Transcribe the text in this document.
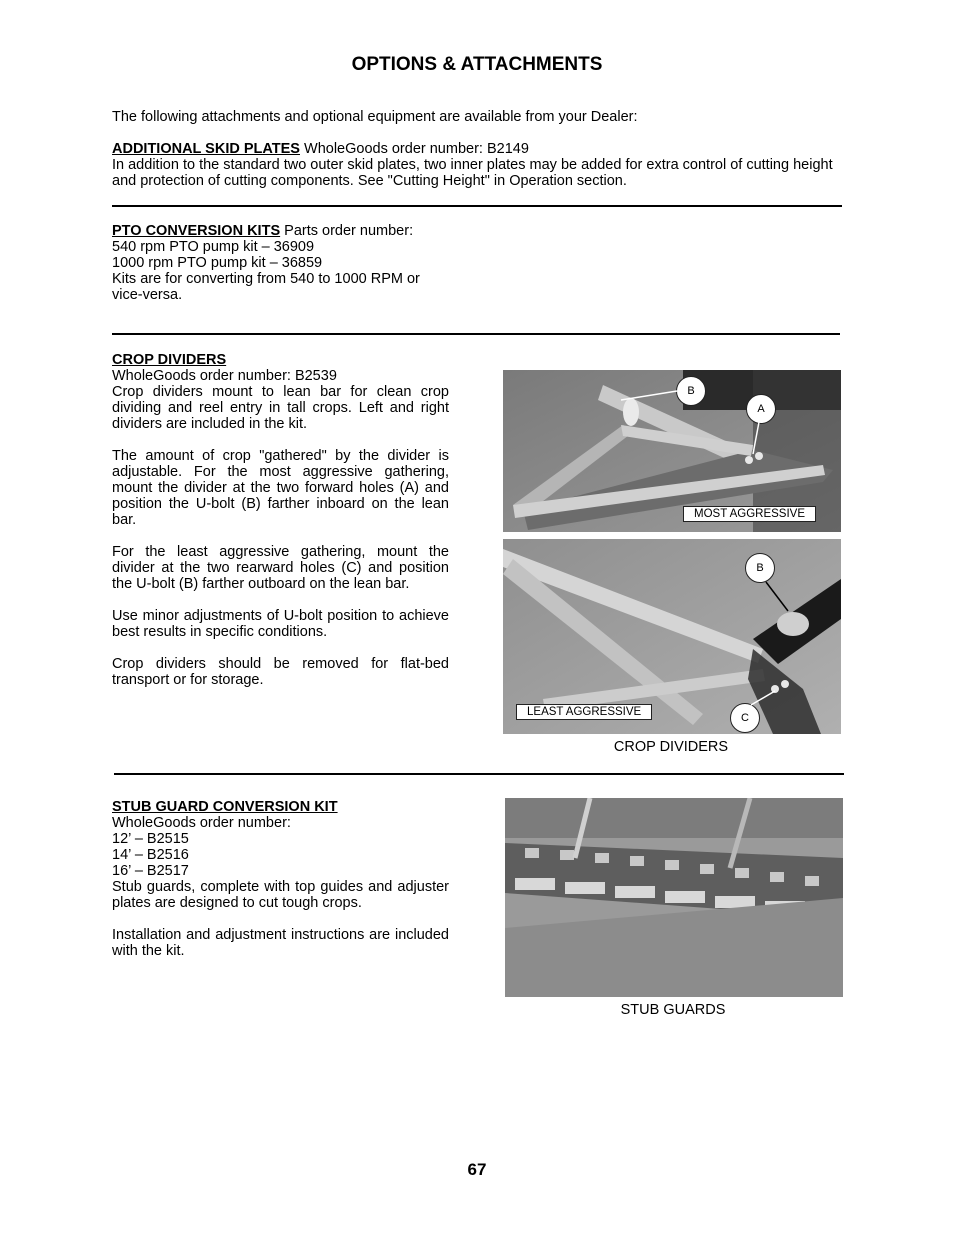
OPTIONS & ATTACHMENTS
The following attachments and optional equipment are available from your Dealer:
ADDITIONAL SKID PLATES WholeGoods order number: B2149
In addition to the standard two outer skid plates, two inner plates may be added for extra control of cutting height and protection of cutting components. See "Cutting Height" in Operation section.
PTO CONVERSION KITS Parts order number:
540 rpm PTO pump kit – 36909
1000 rpm PTO pump kit – 36859
Kits are for converting from 540 to 1000 RPM or
vice-versa.
CROP DIVIDERS
WholeGoods order number: B2539
Crop dividers mount to lean bar for clean crop dividing and reel entry in tall crops. Left and right dividers are included in the kit.
The amount of crop "gathered" by the divider is adjustable. For the most aggressive gathering, mount the divider at the two forward holes (A) and position the U-bolt (B) farther inboard on the lean bar.
For the least aggressive gathering, mount the divider at the two rearward holes (C) and position the U-bolt (B) farther outboard on the lean bar.
Use minor adjustments of U-bolt position to achieve best results in specific conditions.
Crop dividers should be removed for flat-bed transport or for storage.
B
A
MOST AGGRESSIVE
B
C
LEAST AGGRESSIVE
CROP DIVIDERS
STUB GUARD CONVERSION KIT
WholeGoods order number:
12’ – B2515
14’ – B2516
16’ – B2517
Stub guards, complete with top guides and adjuster plates are designed to cut tough crops.
Installation and adjustment instructions are included with the kit.
STUB GUARDS
67
